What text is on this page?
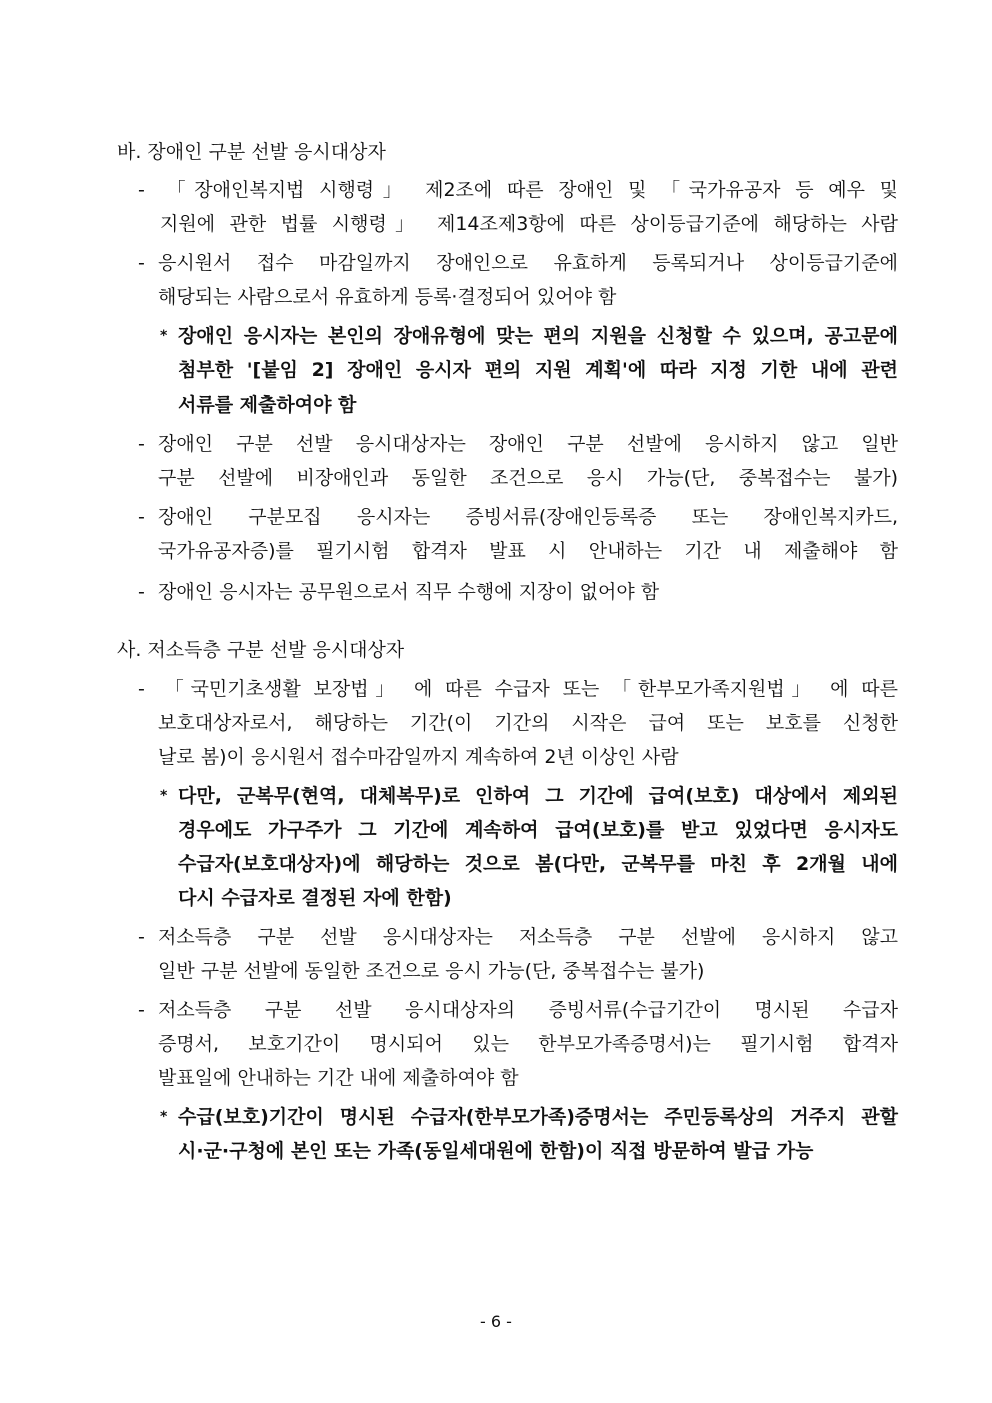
바. 장애인 구분 선발 응시대상자
- 「장애인복지법 시행령」 제2조에 따른 장애인 및 「국가유공자 등 예우 및
지원에 관한 법률 시행령」 제14조제3항에 따른 상이등급기준에 해당하는 사람
- 응시원서 접수 마감일까지 장애인으로 유효하게 등록되거나 상이등급기준에
해당되는 사람으로서 유효하게 등록·결정되어 있어야 함
* 장애인 응시자는 본인의 장애유형에 맞는 편의 지원을 신청할 수 있으며, 공고문에
첨부한 '[붙임 2] 장애인 응시자 편의 지원 계획'에 따라 지정 기한 내에 관련
서류를 제출하여야 함
- 장애인 구분 선발 응시대상자는 장애인 구분 선발에 응시하지 않고 일반
구분 선발에 비장애인과 동일한 조건으로 응시 가능(단, 중복접수는 불가)
- 장애인 구분모집 응시자는 증빙서류(장애인등록증 또는 장애인복지카드,
국가유공자증)를 필기시험 합격자 발표 시 안내하는 기간 내 제출해야 함
- 장애인 응시자는 공무원으로서 직무 수행에 지장이 없어야 함
사. 저소득층 구분 선발 응시대상자
- 「국민기초생활 보장법」 에 따른 수급자 또는 「한부모가족지원법」 에 따른
보호대상자로서, 해당하는 기간(이 기간의 시작은 급여 또는 보호를 신청한
날로 봄)이 응시원서 접수마감일까지 계속하여 2년 이상인 사람
* 다만, 군복무(현역, 대체복무)로 인하여 그 기간에 급여(보호) 대상에서 제외된
경우에도 가구주가 그 기간에 계속하여 급여(보호)를 받고 있었다면 응시자도
수급자(보호대상자)에 해당하는 것으로 봄(다만, 군복무를 마친 후 2개월 내에
다시 수급자로 결정된 자에 한함)
- 저소득층 구분 선발 응시대상자는 저소득층 구분 선발에 응시하지 않고
일반 구분 선발에 동일한 조건으로 응시 가능(단, 중복접수는 불가)
- 저소득층 구분 선발 응시대상자의 증빙서류(수급기간이 명시된 수급자
증명서, 보호기간이 명시되어 있는 한부모가족증명서)는 필기시험 합격자
발표일에 안내하는 기간 내에 제출하여야 함
* 수급(보호)기간이 명시된 수급자(한부모가족)증명서는 주민등록상의 거주지 관할
시·군·구청에 본인 또는 가족(동일세대원에 한함)이 직접 방문하여 발급 가능
- 6 -
